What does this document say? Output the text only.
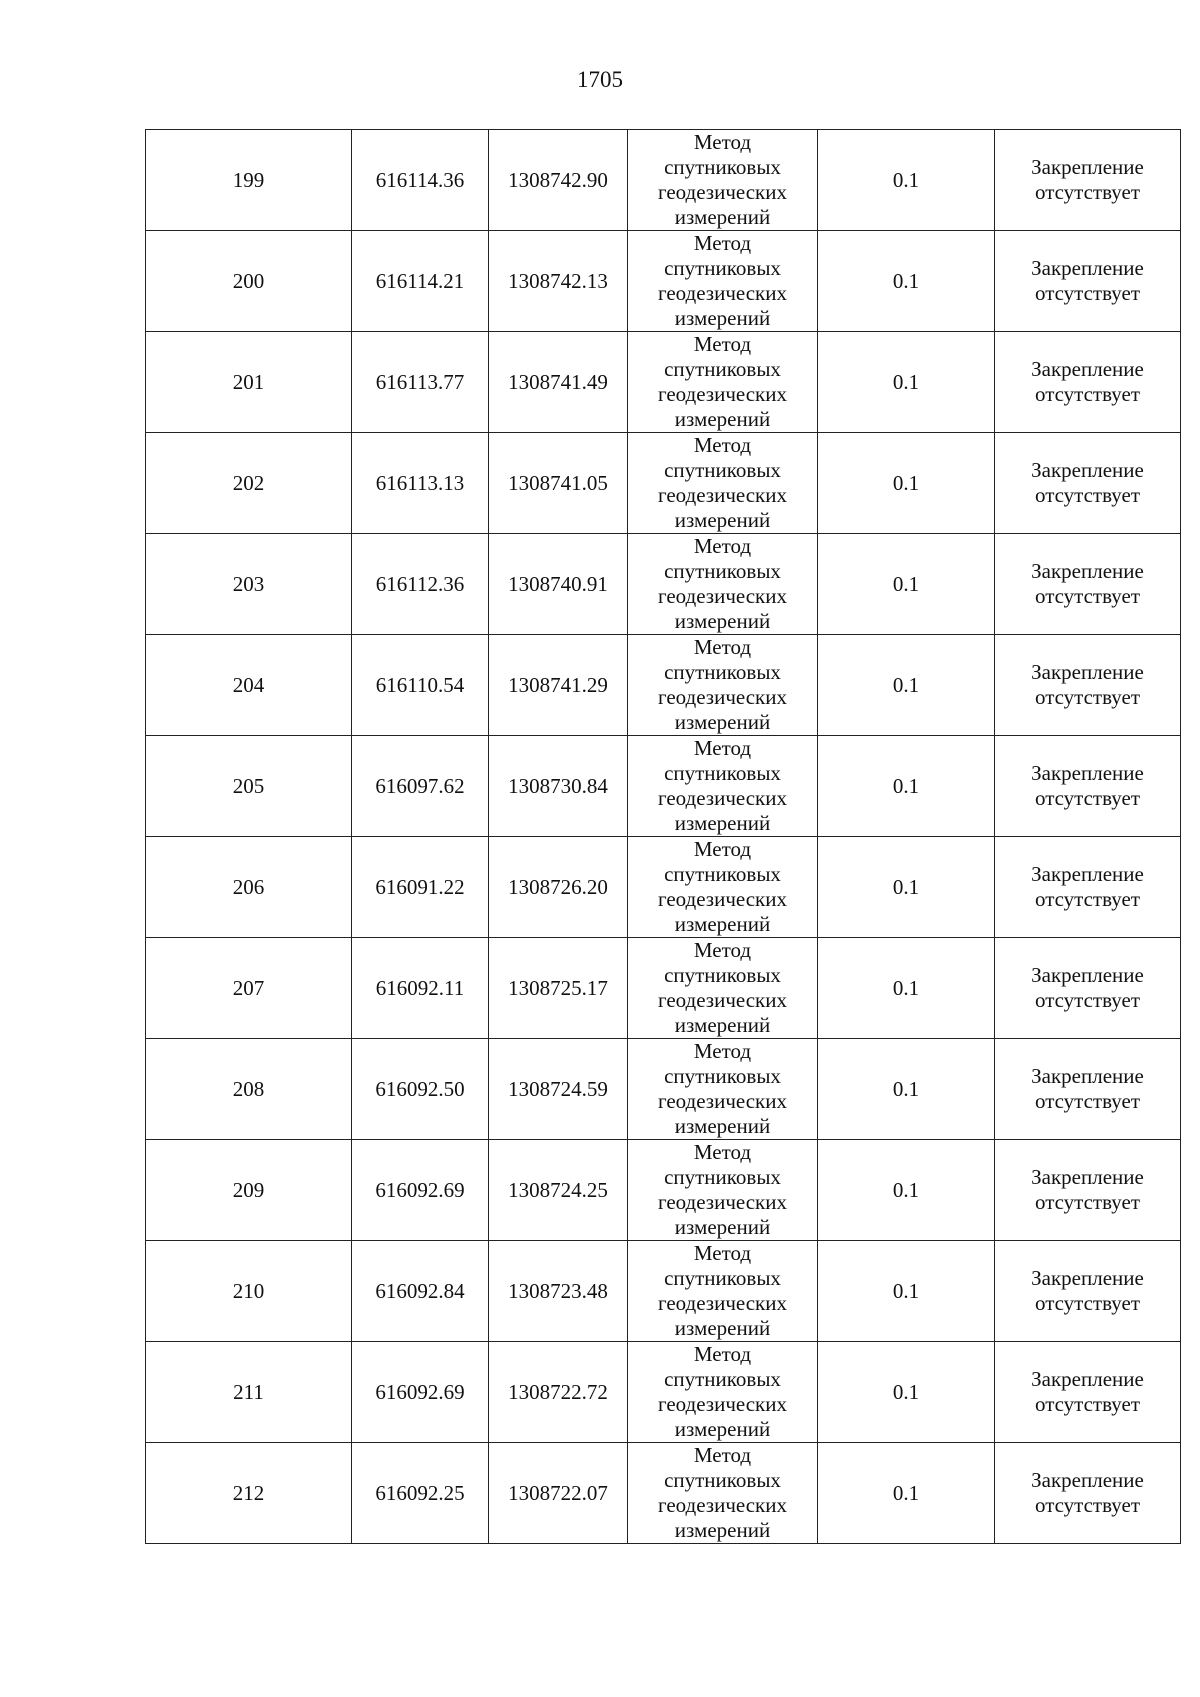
1705
199	616114.36	1308742.90	Метод
спутниковых
геодезических
измерений	0.1	Закрепление
отсутствует

200	616114.21	1308742.13	Метод
спутниковых
геодезических
измерений	0.1	Закрепление
отсутствует

201	616113.77	1308741.49	Метод
спутниковых
геодезических
измерений	0.1	Закрепление
отсутствует

202	616113.13	1308741.05	Метод
спутниковых
геодезических
измерений	0.1	Закрепление
отсутствует

203	616112.36	1308740.91	Метод
спутниковых
геодезических
измерений	0.1	Закрепление
отсутствует

204	616110.54	1308741.29	Метод
спутниковых
геодезических
измерений	0.1	Закрепление
отсутствует

205	616097.62	1308730.84	Метод
спутниковых
геодезических
измерений	0.1	Закрепление
отсутствует

206	616091.22	1308726.20	Метод
спутниковых
геодезических
измерений	0.1	Закрепление
отсутствует

207	616092.11	1308725.17	Метод
спутниковых
геодезических
измерений	0.1	Закрепление
отсутствует

208	616092.50	1308724.59	Метод
спутниковых
геодезических
измерений	0.1	Закрепление
отсутствует

209	616092.69	1308724.25	Метод
спутниковых
геодезических
измерений	0.1	Закрепление
отсутствует

210	616092.84	1308723.48	Метод
спутниковых
геодезических
измерений	0.1	Закрепление
отсутствует

211	616092.69	1308722.72	Метод
спутниковых
геодезических
измерений	0.1	Закрепление
отсутствует

212	616092.25	1308722.07	Метод
спутниковых
геодезических
измерений	0.1	Закрепление
отсутствует
